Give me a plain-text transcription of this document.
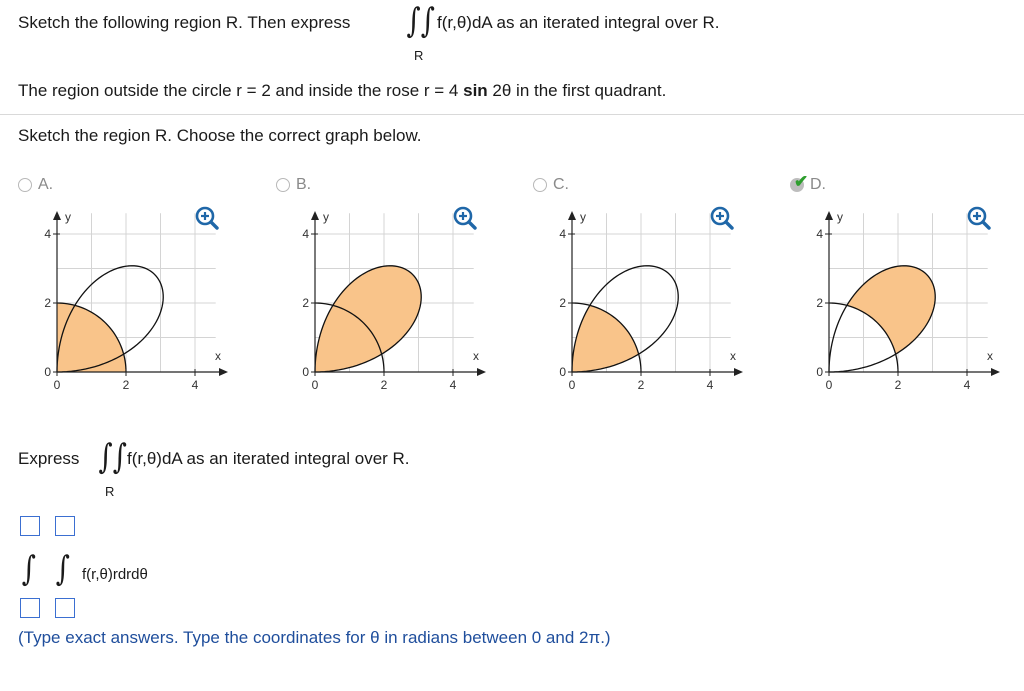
Sketch the following region R. Then express ∫∫ f(r,θ)dA as an iterated integral over R.
R
The region outside the circle r = 2 and inside the rose r = 4 sin 2θ in the first quadrant.
Sketch the region R. Choose the correct graph below.
A.
y
x
4
2
0
0	2	4
B.
y
x
4
2
0
0	2	4
C.
y
x
4
2
0
0	2	4
✔ D.
y
x
4
2
0
0	2	4
Express ∫∫ f(r,θ)dA as an iterated integral over R.
R
∫ ∫ f(r,θ)rdrdθ
(Type exact answers. Type the coordinates for θ in radians between 0 and 2π.)
